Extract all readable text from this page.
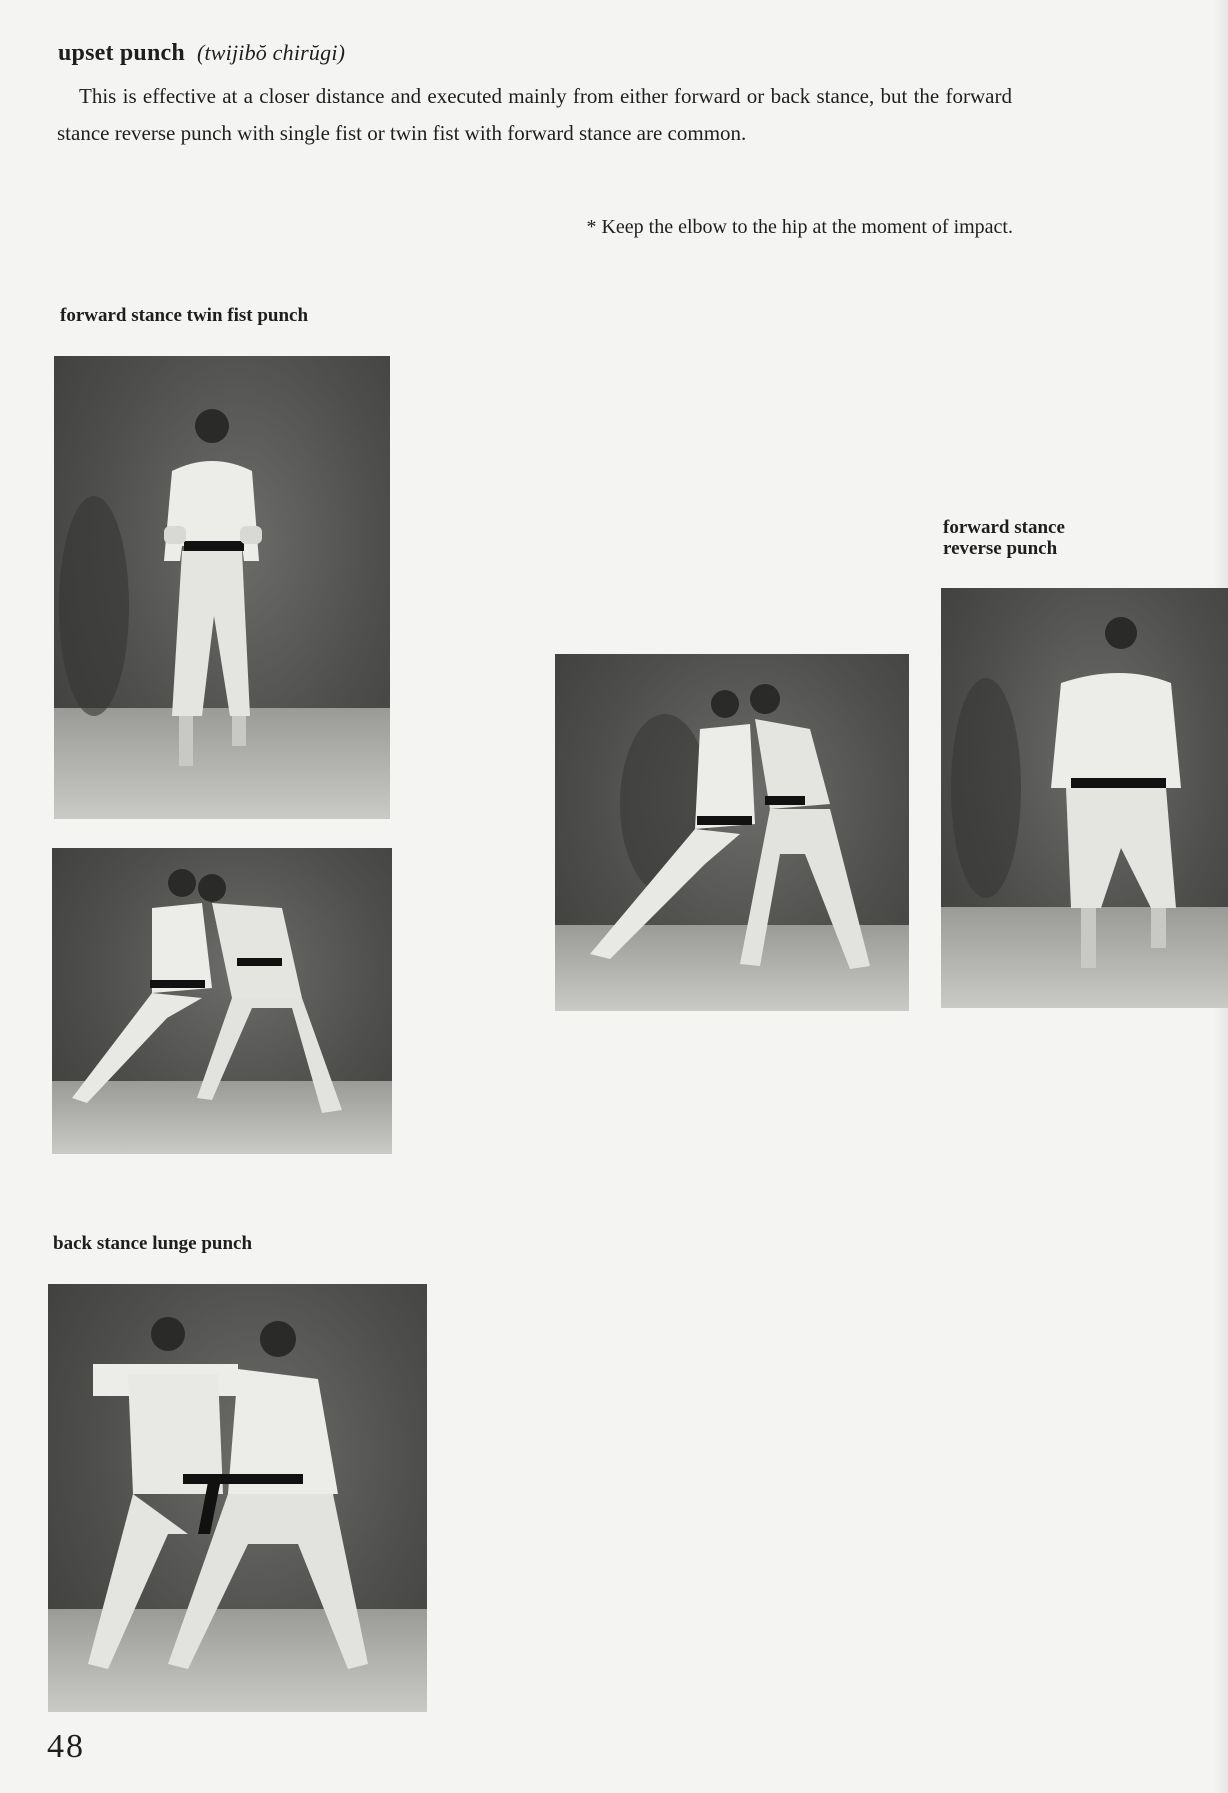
upset punch (twijibŏ chirŭgi)
This is effective at a closer distance and executed mainly from either forward or back stance, but the forward stance reverse punch with single fist or twin fist with forward stance are common.
* Keep the elbow to the hip at the moment of impact.
forward stance twin fist punch
forward stance
reverse punch
back stance lunge punch
48
